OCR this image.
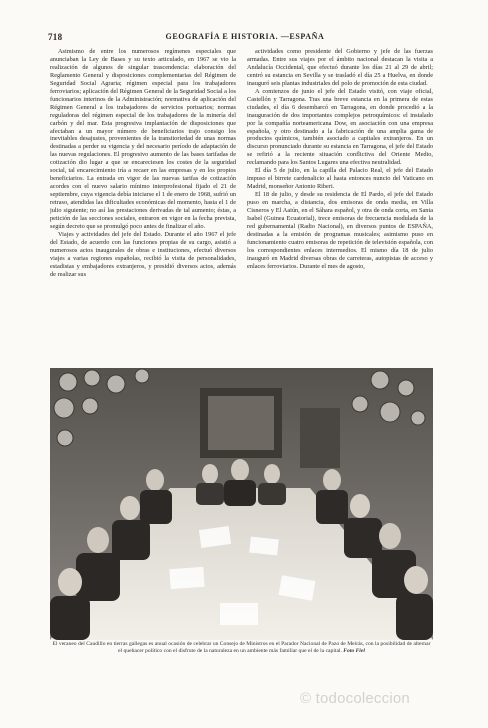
718	GEOGRAFÍA E HISTORIA. —ESPAÑA

Asimismo de entre los numerosos regímenes especiales que anunciaban la Ley de Bases y su texto articulado, en 1967 se vio la realización de algunos de singular trascendencia: elaboración del Reglamento General y disposiciones complementarias del Régimen de Seguridad Social Agraria; régimen especial para los trabajadores ferroviarios; aplicación del Régimen General de la Seguridad Social a los funcionarios interinos de la Administración; normativa de aplicación del Régimen General a los trabajadores de servicios portuarios; normas reguladoras del régimen especial de los trabajadores de la minería del carbón y del mar. Esta progresiva implantación de disposiciones que afectaban a un mayor número de beneficiarios trajo consigo los inevitables desajustes, provenientes de la transitoriedad de unas normas destinadas a perder su vigencia y del necesario período de adaptación de las nuevas regulaciones. El progresivo aumento de las bases tarifadas de cotización dio lugar a que se encareciesen los costes de la seguridad social, tal encarecimiento iría a recaer en las empresas y en los propios beneficiarios. La entrada en vigor de las nuevas tarifas de cotización acordes con el nuevo salario mínimo interprofesional fijado el 21 de septiembre, cuya vigencia debía iniciarse el 1 de enero de 1968, sufrió un retraso, atendidas las dificultades económicas del momento, hasta el 1 de julio siguiente; no así las prestaciones derivadas de tal aumento; éstas, a petición de las secciones sociales, entraron en vigor en la fecha prevista, según decreto que se promulgó poco antes de finalizar el año.

Viajes y actividades del jefe del Estado. Durante el año 1967 el jefe del Estado, de acuerdo con las funciones propias de su cargo, asistió a numerosos actos inaugurales de obras e instituciones, efectuó diversos viajes a varias regiones españolas, recibió la visita de personalidades, estadistas y embajadores extranjeros, y presidió diversos actos, además de realizar sus

actividades como presidente del Gobierno y jefe de las fuerzas armadas. Entre sus viajes por el ámbito nacional destacan la visita a Andalucía Occidental, que efectuó durante los días 21 al 29 de abril; centró su estancia en Sevilla y se trasladó el día 25 a Huelva, en donde inauguró seis plantas industriales del polo de promoción de esta ciudad.

A comienzos de junio el jefe del Estado visitó, con viaje oficial, Castellón y Tarragona. Tras una breve estancia en la primera de estas ciudades, el día 6 desembarcó en Tarragona, en donde procedió a la inauguración de dos importantes complejos petroquímicos: el instalado por la compañía norteamericana Dow, en asociación con una empresa española, y otro destinado a la fabricación de una amplia gama de productos químicos, también asociado a capitales extranjeros. En un discurso pronunciado durante su estancia en Tarragona, el jefe del Estado se refirió a la reciente situación conflictiva del Oriente Medio, reclamando para los Santos Lugares una efectiva neutralidad.

El día 5 de julio, en la capilla del Palacio Real, el jefe del Estado impuso el birrete cardenalicio al hasta entonces nuncio del Vaticano en Madrid, monseñor Antonio Riberi.

El 18 de julio, y desde su residencia de El Pardo, el jefe del Estado puso en marcha, a distancia, dos emisoras de onda media, en Villa Cisneros y El Aaiún, en el Sáhara español, y otra de onda corta, en Santa Isabel (Guinea Ecuatorial), trece emisoras de frecuencia modulada de la red gubernamental (Radio Nacional), en diversos puntos de ESPAÑA, destinadas a la emisión de programas musicales; asimismo puso en funcionamiento cuatro emisoras de repetición de televisión española, con los correspondientes enlaces intermedios. El mismo día 18 de julio inauguró en Madrid diversas obras de carreteras, autopistas de acceso y enlaces ferroviarios. Durante el mes de agosto,

El veraneo del Caudillo en tierras gallegas es anual ocasión de celebrar un Consejo de Ministros en el Parador Nacional de Pazo de Meirás, con la posibilidad de alternar el quehacer político con el disfrute de la naturaleza en un ambiente más familiar que el de la capital. Foto Fiel
© todocoleccion
